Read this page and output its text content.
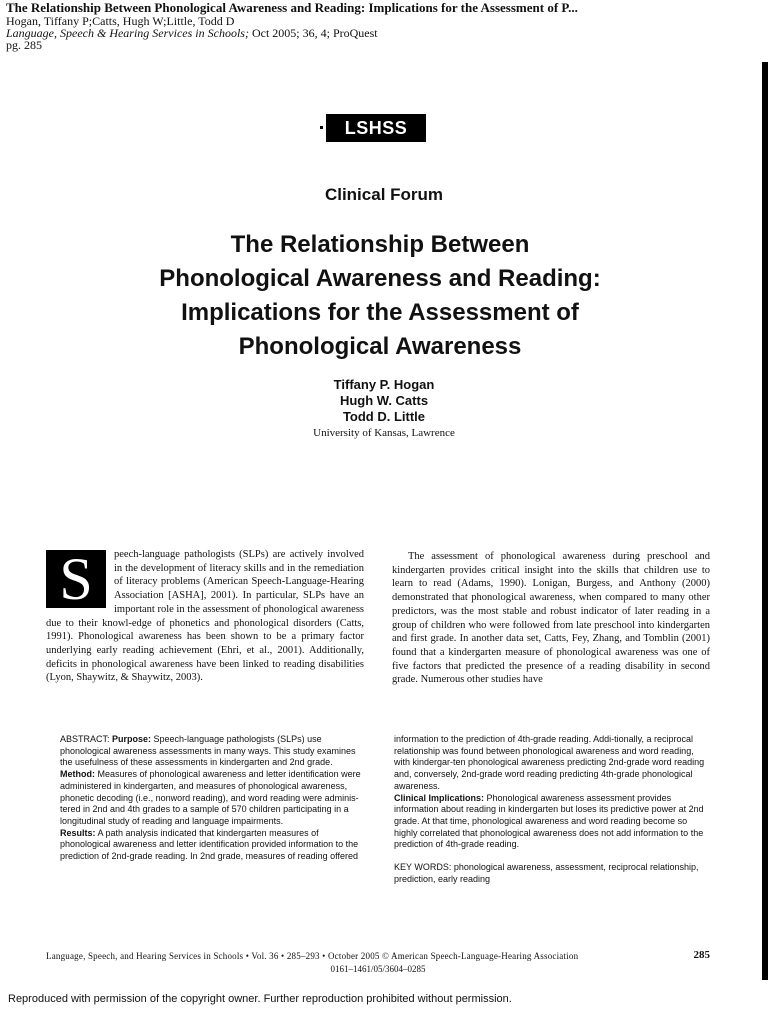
The Relationship Between Phonological Awareness and Reading: Implications for the Assessment of P...
Hogan, Tiffany P;Catts, Hugh W;Little, Todd D
Language, Speech & Hearing Services in Schools; Oct 2005; 36, 4; ProQuest
pg. 285
LSHSS
Clinical Forum
The Relationship Between
Phonological Awareness and Reading:
Implications for the Assessment of
Phonological Awareness
Tiffany P. Hogan
Hugh W. Catts
Todd D. Little
University of Kansas, Lawrence
S	peech-language pathologists (SLPs) are actively involved in the development of literacy skills and in the remediation of literacy problems (American Speech-Language-Hearing Association [ASHA], 2001). In particular, SLPs have an important role in the assessment of phonological awareness due to their knowl-edge of phonetics and phonological disorders (Catts, 1991). Phonological awareness has been shown to be a primary factor underlying early reading achievement (Ehri, et al., 2001). Additionally, deficits in phonological awareness have been linked to reading disabilities (Lyon, Shaywitz, & Shaywitz, 2003).
The assessment of phonological awareness during preschool and kindergarten provides critical insight into the skills that children use to learn to read (Adams, 1990). Lonigan, Burgess, and Anthony (2000) demonstrated that phonological awareness, when compared to many other predictors, was the most stable and robust indicator of later reading in a group of children who were followed from late preschool into kindergarten and first grade. In another data set, Catts, Fey, Zhang, and Tomblin (2001) found that a kindergarten measure of phonological awareness was one of five factors that predicted the presence of a reading disability in second grade. Numerous other studies have

ABSTRACT: Purpose: Speech-language pathologists (SLPs) use phonological awareness assessments in many ways. This study examines the usefulness of these assessments in kindergarten and 2nd grade.

Method: Measures of phonological awareness and letter identification were administered in kindergarten, and measures of phonological awareness, phonetic decoding (i.e., nonword reading), and word reading were adminis-tered in 2nd and 4th grades to a sample of 570 children participating in a longitudinal study of reading and language impairments.

Results: A path analysis indicated that kindergarten measures of phonological awareness and letter identification provided information to the prediction of 2nd-grade reading. In 2nd grade, measures of reading offered

information to the prediction of 4th-grade reading. Addi-tionally, a reciprocal relationship was found between phonological awareness and word reading, with kindergar-ten phonological awareness predicting 2nd-grade word reading and, conversely, 2nd-grade word reading predicting 4th-grade phonological awareness.

Clinical Implications: Phonological awareness assessment provides information about reading in kindergarten but loses its predictive power at 2nd grade. At that time, phonological awareness and word reading become so highly correlated that phonological awareness does not add information to the prediction of 4th-grade reading.

KEY WORDS: phonological awareness, assessment, reciprocal relationship, prediction, early reading

Language, Speech, and Hearing Services in Schools • Vol. 36 • 285–293 • October 2005 © American Speech-Language-Hearing Association	285
0161–1461/05/3604–0285
Reproduced with permission of the copyright owner. Further reproduction prohibited without permission.
